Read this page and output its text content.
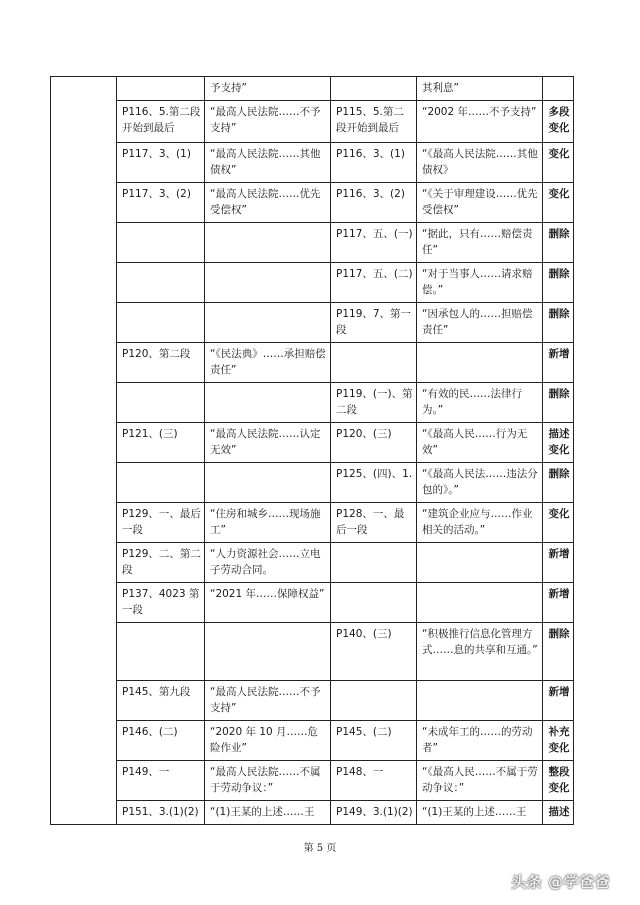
		予支持”		其利息”	
	P116、5.第二段开始到最后	“最高人民法院……不予支持”	P115、5.第二段开始到最后	“2002 年……不予支持”	多段变化
	P117、3、(1)	“最高人民法院……其他债权”	P116、3、(1)	“《最高人民法院……其他债权》	变化
	P117、3、(2)	“最高人民法院……优先受偿权”	P116、3、(2)	“《关于审理建设……优先受偿权”	变化
			P117、五、(一)	“据此，只有……赔偿责任”	删除
			P117、五、(二)	“对于当事人……请求赔偿。”	删除
			P119、7、第一段	“因承包人的……担赔偿责任”	删除
	P120、第二段	“《民法典》……承担赔偿责任”			新增
			P119、(一)、第二段	“有效的民……法律行为。”	删除
	P121、(三)	“最高人民法院……认定无效”	P120、(三)	“《最高人民……行为无效”	描述变化
			P125、(四)、1.	“《最高人民法……违法分包的》。”	删除
	P129、一、最后一段	“住房和城乡……现场施工”	P128、一、最后一段	“建筑企业应与……作业相关的活动。”	变化
	P129、二、第二段	“人力资源社会……立电子劳动合同。			新增
	P137、4023 第一段	“2021 年……保障权益”			新增
			P140、(三)	“积极推行信息化管理方式……息的共享和互通。”	删除
	P145、第九段	“最高人民法院……不予支持”			新增
	P146、(二)	“2020 年 10 月……危险作业”	P145、(二)	“未成年工的……的劳动者”	补充变化
	P149、一	“最高人民法院……不属于劳动争议：”	P148、一	“《最高人民……不属于劳动争议：”	整段变化
	P151、3.(1)(2)	“(1)王某的上述……王	P149、3.(1)(2)	“(1)王某的上述……王	描述
第 5 页
头条 @学爸爸
